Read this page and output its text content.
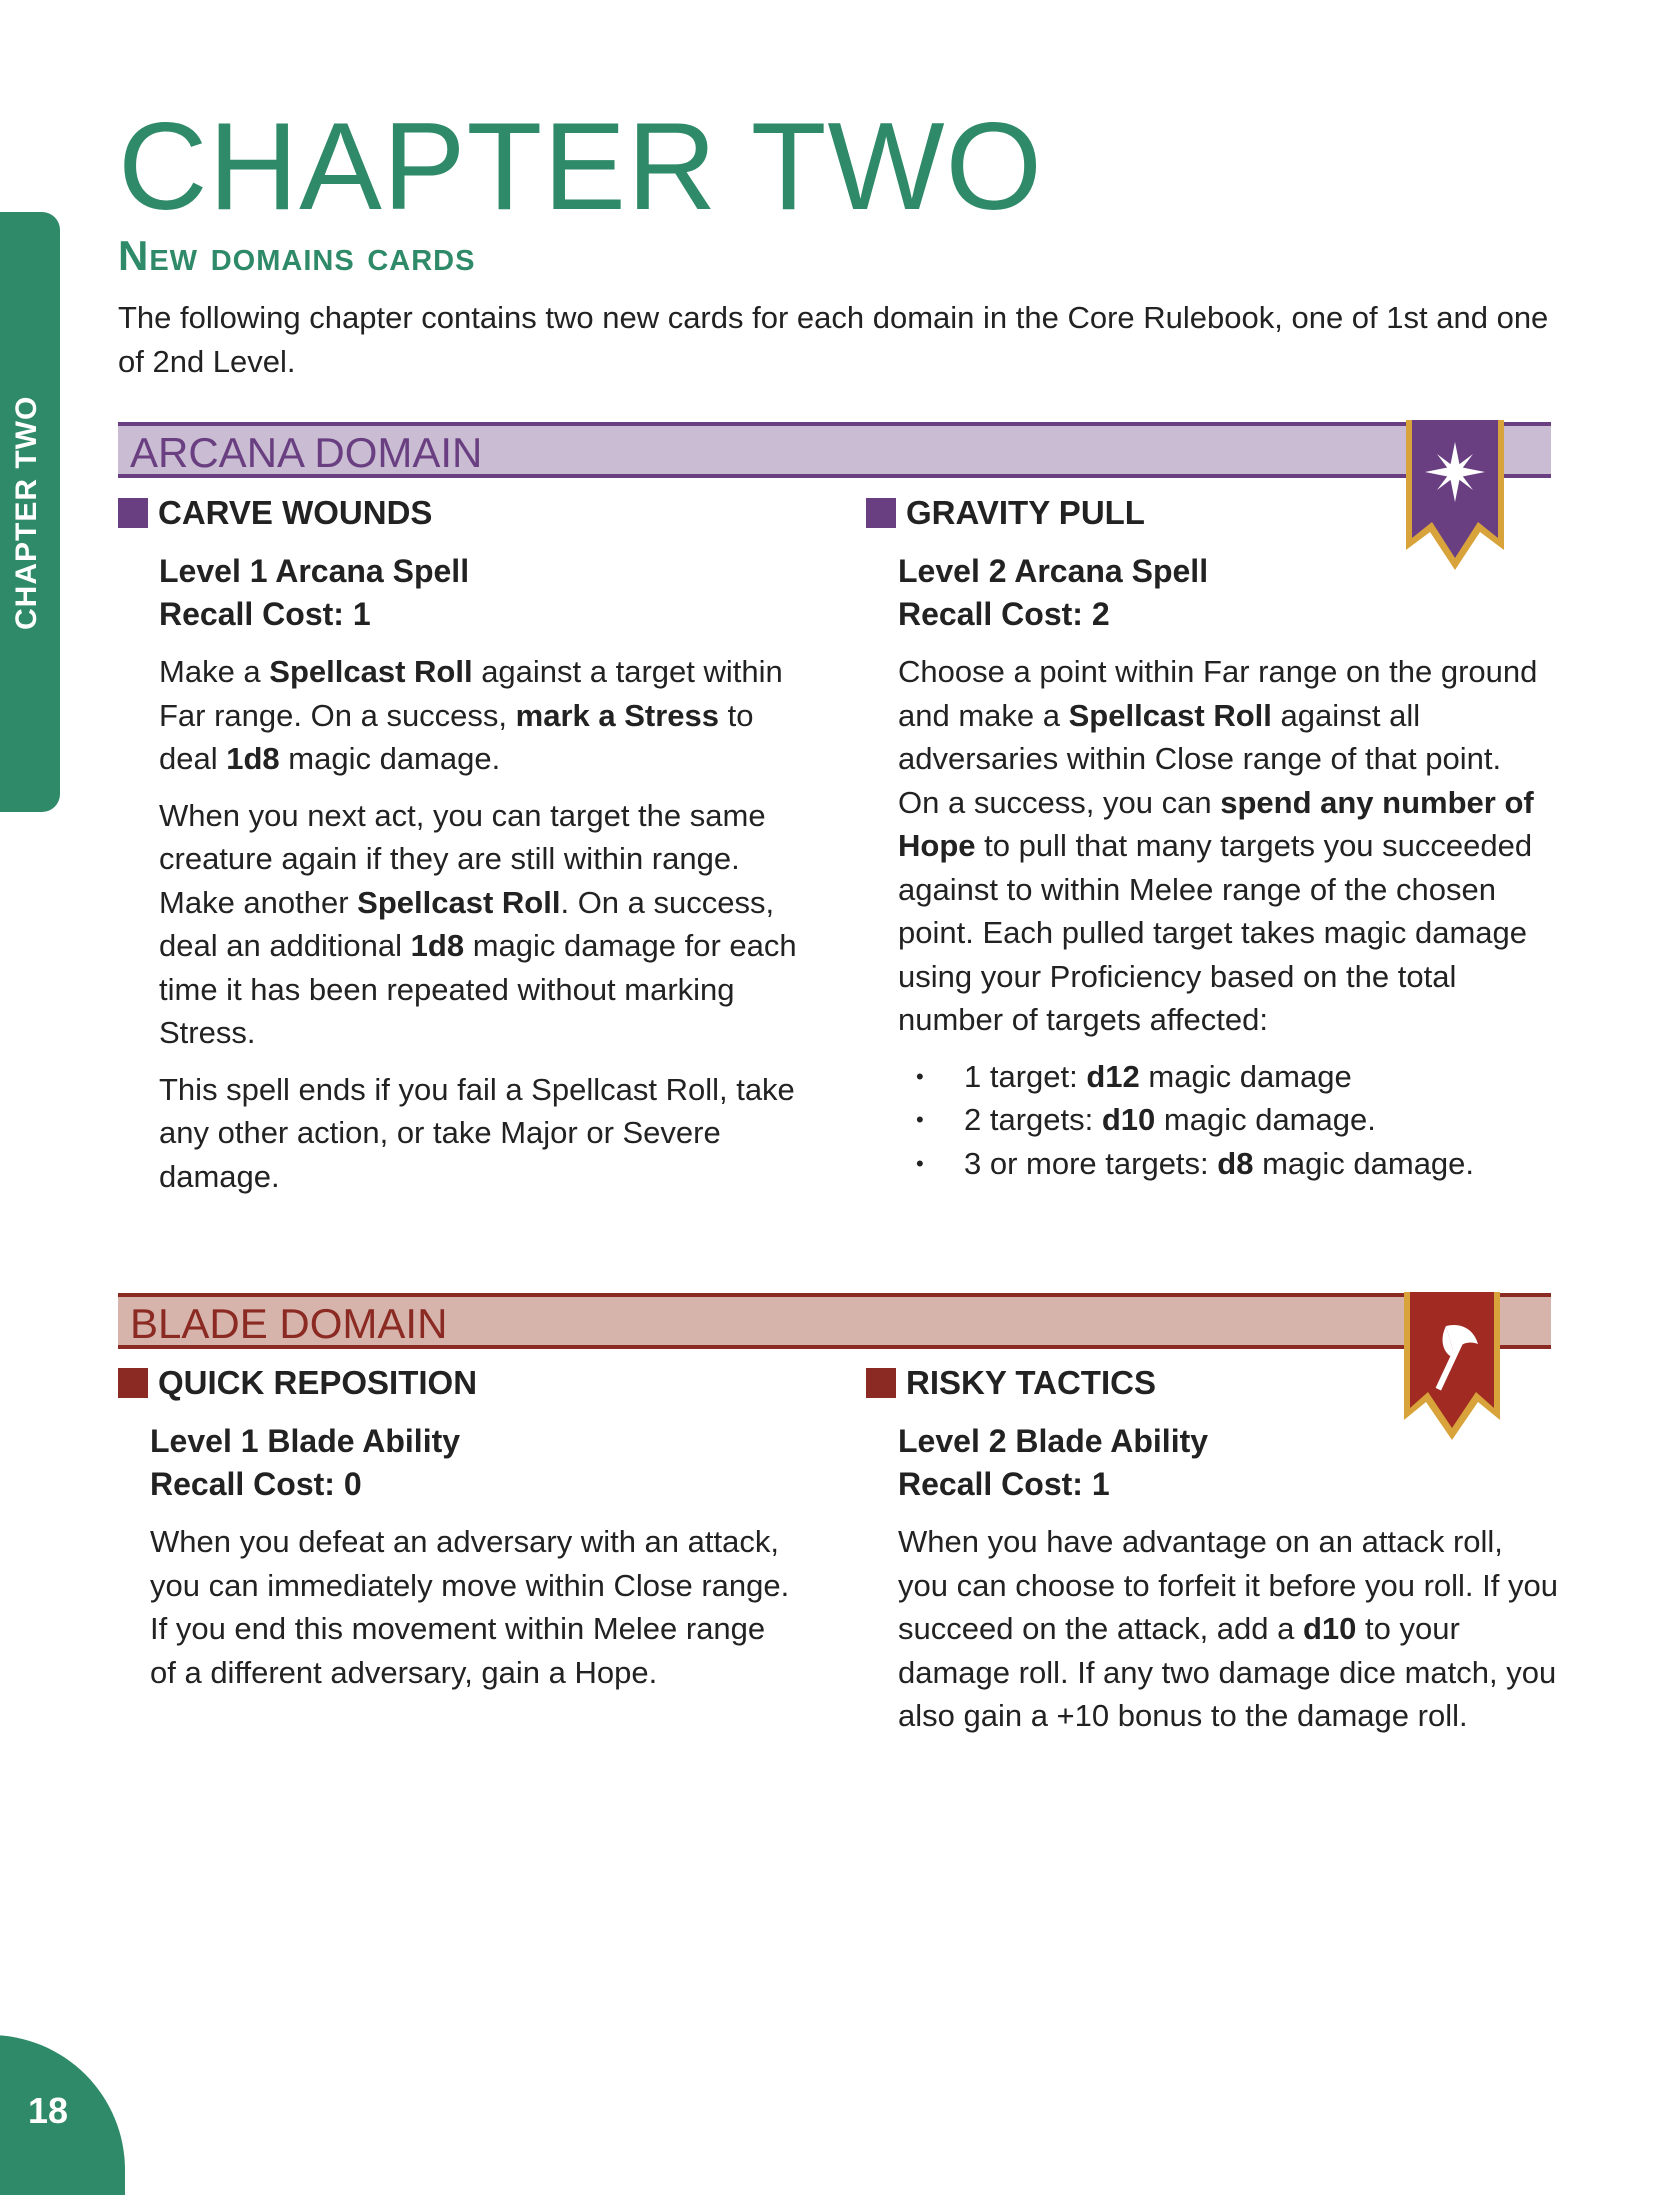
18
CHAPTER TWO
New domains cards

The following chapter contains two new cards for each domain in the Core Rulebook, one of 1st and one of 2nd Level.

ARCANA DOMAIN
CARVE WOUNDS
Level 1 Arcana Spell
Recall Cost: 1

Make a Spellcast Roll against a target within Far range. On a success, mark a Stress to deal 1d8 magic damage.

When you next act, you can target the same creature again if they are still within range. Make another Spellcast Roll. On a success, deal an additional 1d8 magic damage for each time it has been repeated without marking Stress.

This spell ends if you fail a Spellcast Roll, take any other action, or take Major or Severe damage.

GRAVITY PULL
Level 2 Arcana Spell
Recall Cost: 2

Choose a point within Far range on the ground and make a Spellcast Roll against all adversaries within Close range of that point. On a success, you can spend any number of Hope to pull that many targets you succeeded against to within Melee range of the chosen point. Each pulled target takes magic damage using your Proficiency based on the total number of targets affected:

• 1 target: d12 magic damage
• 2 targets: d10 magic damage.
• 3 or more targets: d8 magic damage.
BLADE DOMAIN
QUICK REPOSITION
Level 1 Blade Ability
Recall Cost: 0

When you defeat an adversary with an attack, you can immediately move within Close range. If you end this movement within Melee range of a different adversary, gain a Hope.

RISKY TACTICS
Level 2 Blade Ability
Recall Cost: 1

When you have advantage on an attack roll, you can choose to forfeit it before you roll. If you succeed on the attack, add a d10 to your damage roll. If any two damage dice match, you also gain a +10 bonus to the damage roll.
